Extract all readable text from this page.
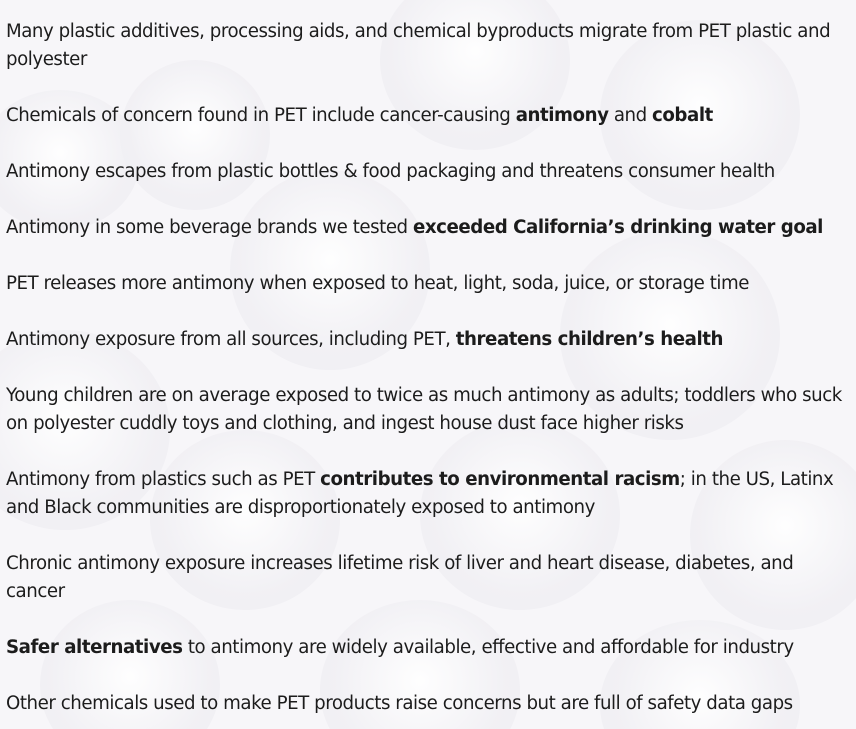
Many plastic additives, processing aids, and chemical byproducts migrate from PET plastic and polyester

Chemicals of concern found in PET include cancer-causing antimony and cobalt

Antimony escapes from plastic bottles & food packaging and threatens consumer health

Antimony in some beverage brands we tested exceeded California’s drinking water goal

PET releases more antimony when exposed to heat, light, soda, juice, or storage time

Antimony exposure from all sources, including PET, threatens children’s health

Young children are on average exposed to twice as much antimony as adults; toddlers who suck on polyester cuddly toys and clothing, and ingest house dust face higher risks

Antimony from plastics such as PET contributes to environmental racism; in the US, Latinx and Black communities are disproportionately exposed to antimony

Chronic antimony exposure increases lifetime risk of liver and heart disease, diabetes, and cancer

Safer alternatives to antimony are widely available, effective and affordable for industry

Other chemicals used to make PET products raise concerns but are full of safety data gaps
